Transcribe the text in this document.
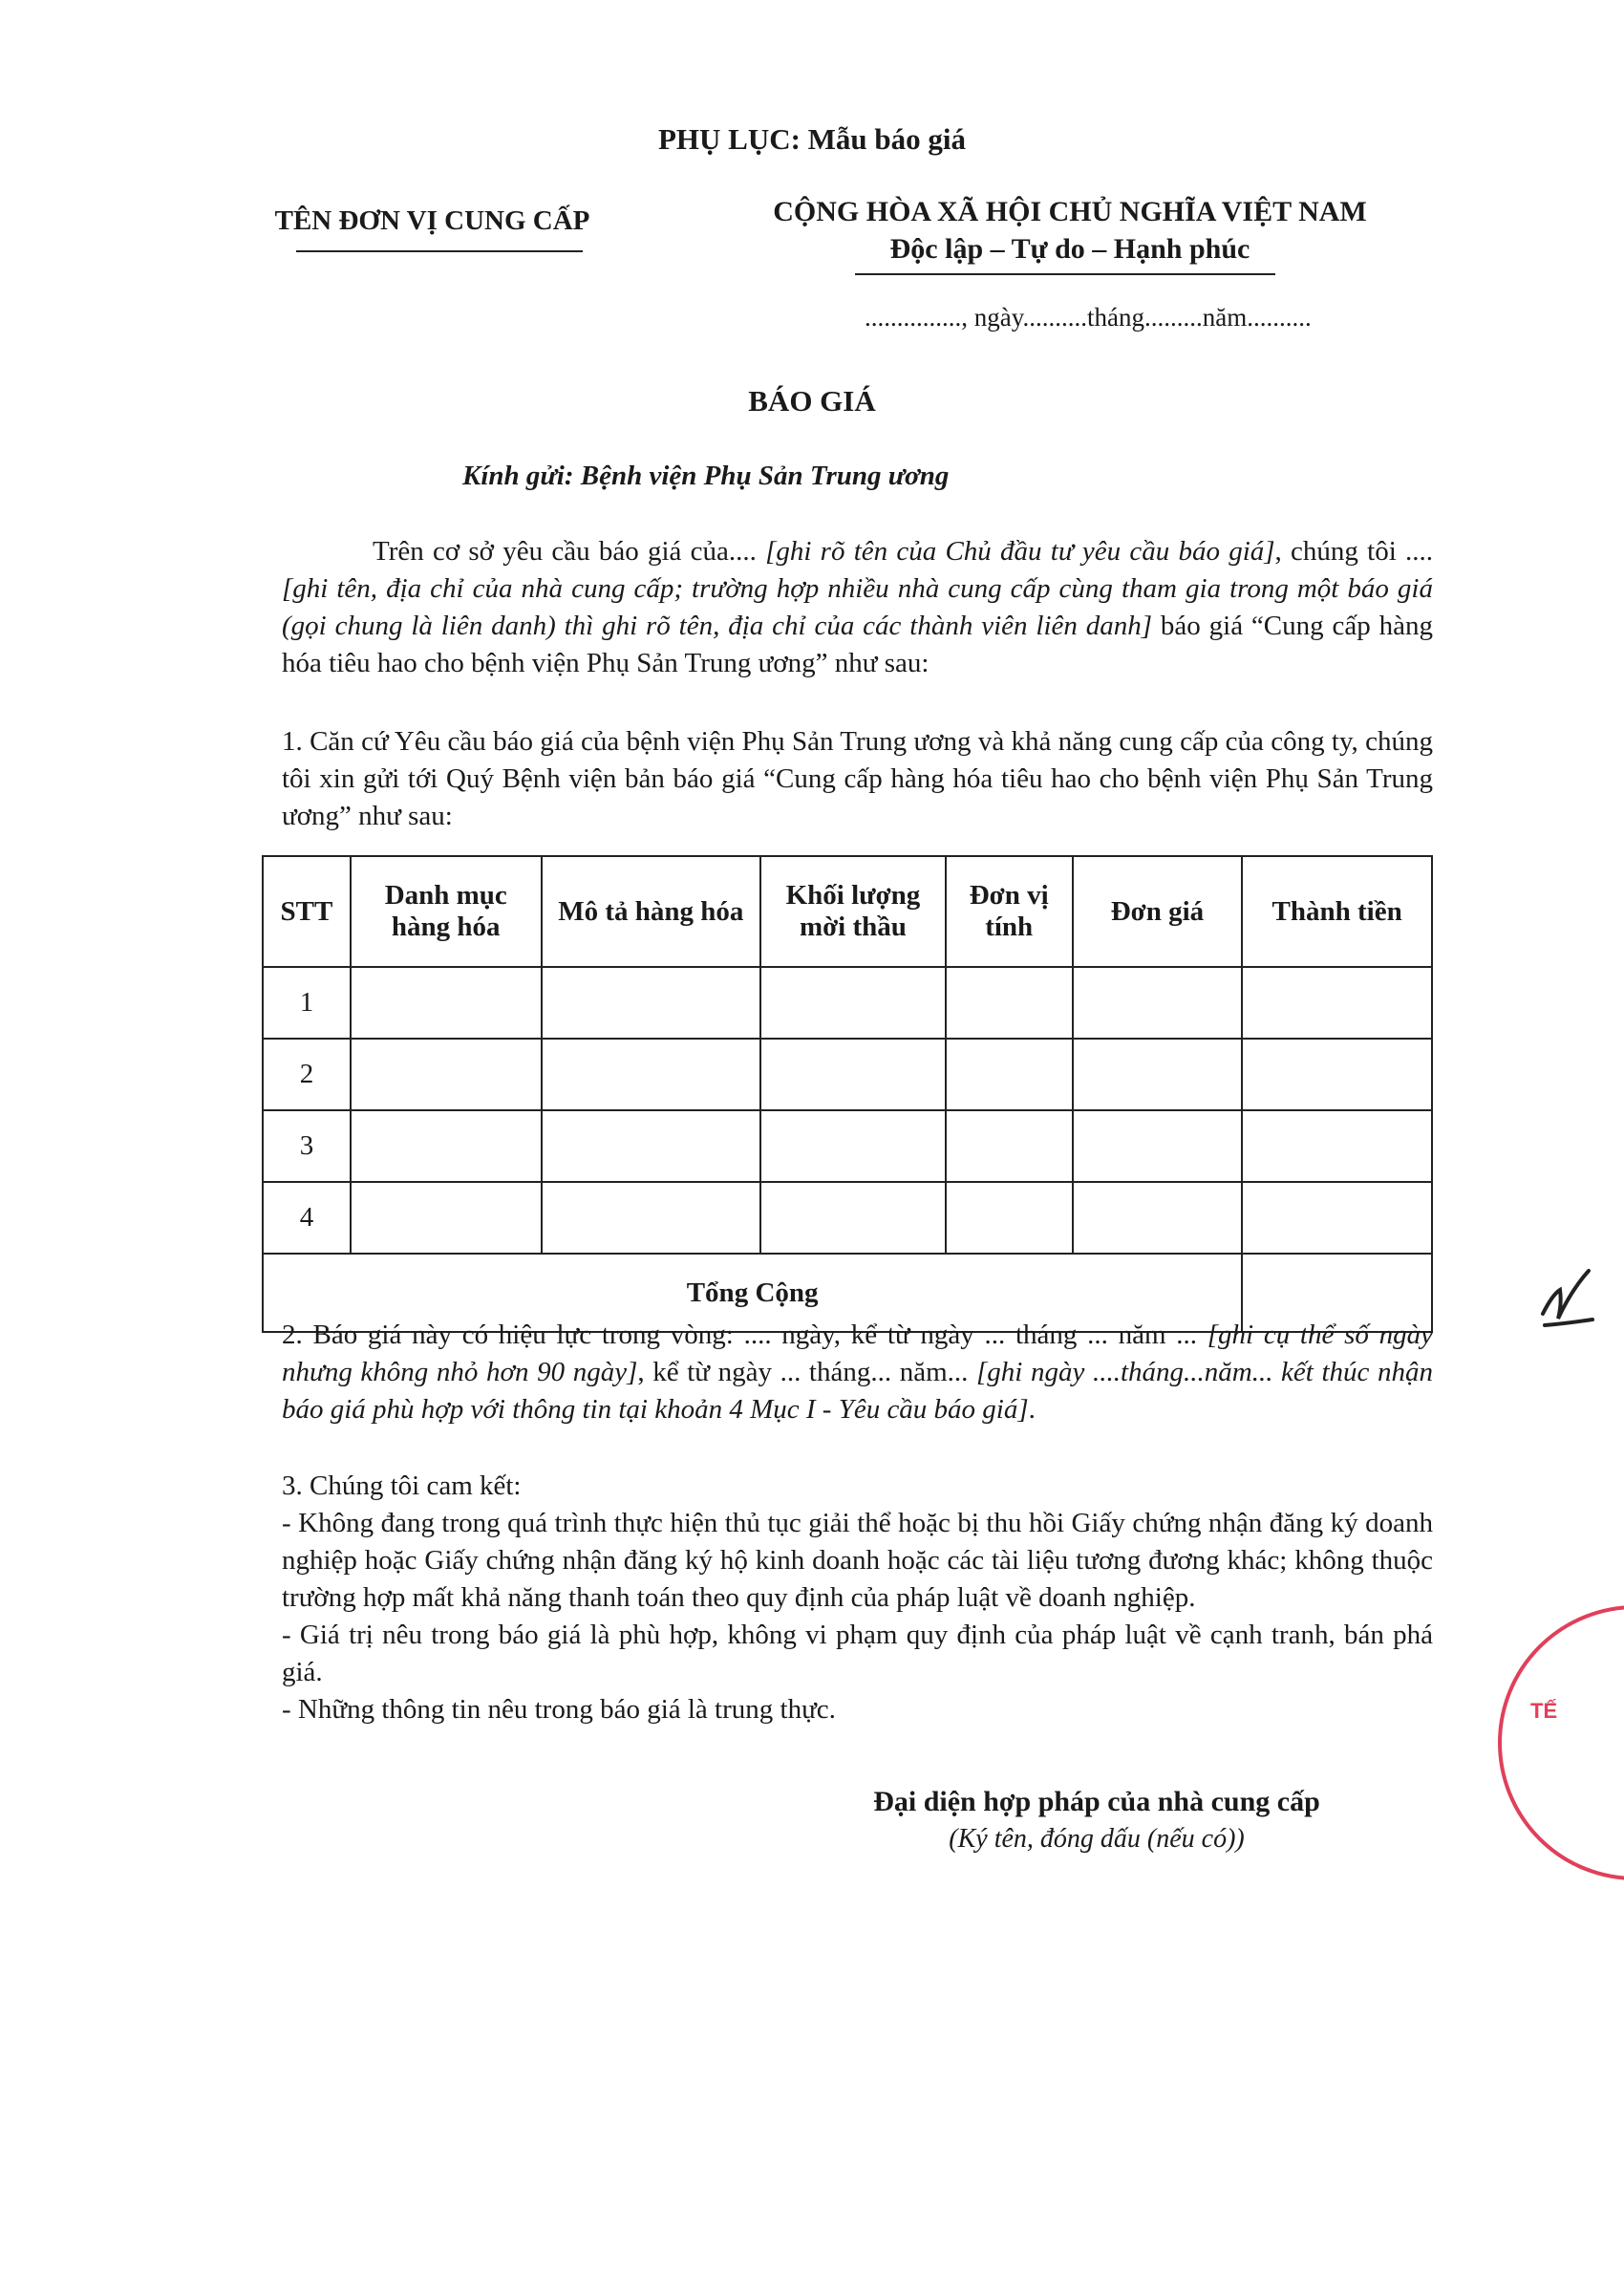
PHỤ LỤC: Mẫu báo giá
TÊN ĐƠN VỊ CUNG CẤP	CỘNG HÒA XÃ HỘI CHỦ NGHĨA VIỆT NAM
Độc lập – Tự do – Hạnh phúc
..............., ngày..........tháng.........năm..........
BÁO GIÁ
Kính gửi: Bệnh viện Phụ Sản Trung ương
Trên cơ sở yêu cầu báo giá của.... [ghi rõ tên của Chủ đầu tư yêu cầu báo giá], chúng tôi .... [ghi tên, địa chỉ của nhà cung cấp; trường hợp nhiều nhà cung cấp cùng tham gia trong một báo giá (gọi chung là liên danh) thì ghi rõ tên, địa chỉ của các thành viên liên danh] báo giá “Cung cấp hàng hóa tiêu hao cho bệnh viện Phụ Sản Trung ương” như sau:
1. Căn cứ Yêu cầu báo giá của bệnh viện Phụ Sản Trung ương và khả năng cung cấp của công ty, chúng tôi xin gửi tới Quý Bệnh viện bản báo giá “Cung cấp hàng hóa tiêu hao cho bệnh viện Phụ Sản Trung ương” như sau:
STT	Danh mục hàng hóa	Mô tả hàng hóa	Khối lượng mời thầu	Đơn vị tính	Đơn giá	Thành tiền
1						
2						
3						
4						
Tổng Cộng						
2. Báo giá này có hiệu lực trong vòng: .... ngày, kể từ ngày ... tháng ... năm ... [ghi cụ thể số ngày nhưng không nhỏ hơn 90 ngày], kể từ ngày ... tháng... năm... [ghi ngày ....tháng...năm... kết thúc nhận báo giá phù hợp với thông tin tại khoản 4 Mục I - Yêu cầu báo giá].
3. Chúng tôi cam kết:
- Không đang trong quá trình thực hiện thủ tục giải thể hoặc bị thu hồi Giấy chứng nhận đăng ký doanh nghiệp hoặc Giấy chứng nhận đăng ký hộ kinh doanh hoặc các tài liệu tương đương khác; không thuộc trường hợp mất khả năng thanh toán theo quy định của pháp luật về doanh nghiệp.
- Giá trị nêu trong báo giá là phù hợp, không vi phạm quy định của pháp luật về cạnh tranh, bán phá giá.
- Những thông tin nêu trong báo giá là trung thực.
Đại diện hợp pháp của nhà cung cấp
(Ký tên, đóng dấu (nếu có))
TẾ
